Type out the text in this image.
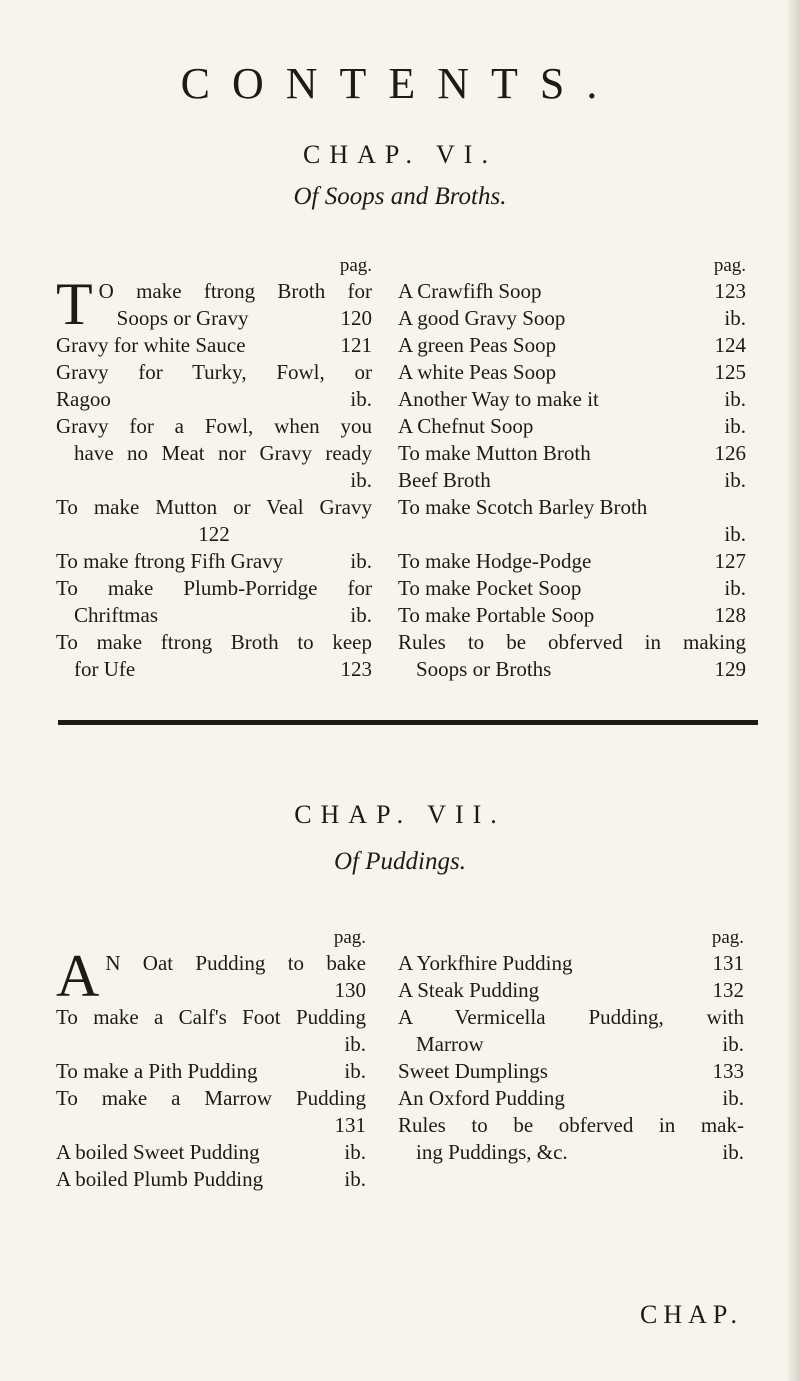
CONTENTS.
CHAP. VI.
Of Soops and Broths.
pag.
T O make ftrong Broth for
Soops or Gravy	120
Gravy for white Sauce	121
Gravy for Turky, Fowl, or
Ragoo	ib.
Gravy for a Fowl, when you
have no Meat nor Gravy ready
ib.
To make Mutton or Veal Gravy
122
To make ftrong Fifh Gravy	ib.
To make Plumb-Porridge for
Chriftmas	ib.
To make ftrong Broth to keep
for Ufe	123
pag.
A Crawfifh Soop	123
A good Gravy Soop	ib.
A green Peas Soop	124
A white Peas Soop	125
Another Way to make it	ib.
A Chefnut Soop	ib.
To make Mutton Broth	126
Beef Broth	ib.
To make Scotch Barley Broth
ib.
To make Hodge-Podge	127
To make Pocket Soop	ib.
To make Portable Soop	128
Rules to be obferved in making
Soops or Broths	129
CHAP. VII.
Of Puddings.
pag.
A N Oat Pudding to bake
130
To make a Calf's Foot Pudding
ib.
To make a Pith Pudding	ib.
To make a Marrow Pudding
131
A boiled Sweet Pudding	ib.
A boiled Plumb Pudding	ib.
pag.
A Yorkfhire Pudding	131
A Steak Pudding	132
A Vermicella Pudding, with
Marrow	ib.
Sweet Dumplings	133
An Oxford Pudding	ib.
Rules to be obferved in mak-
ing Puddings, &c.	ib.
CHAP.
